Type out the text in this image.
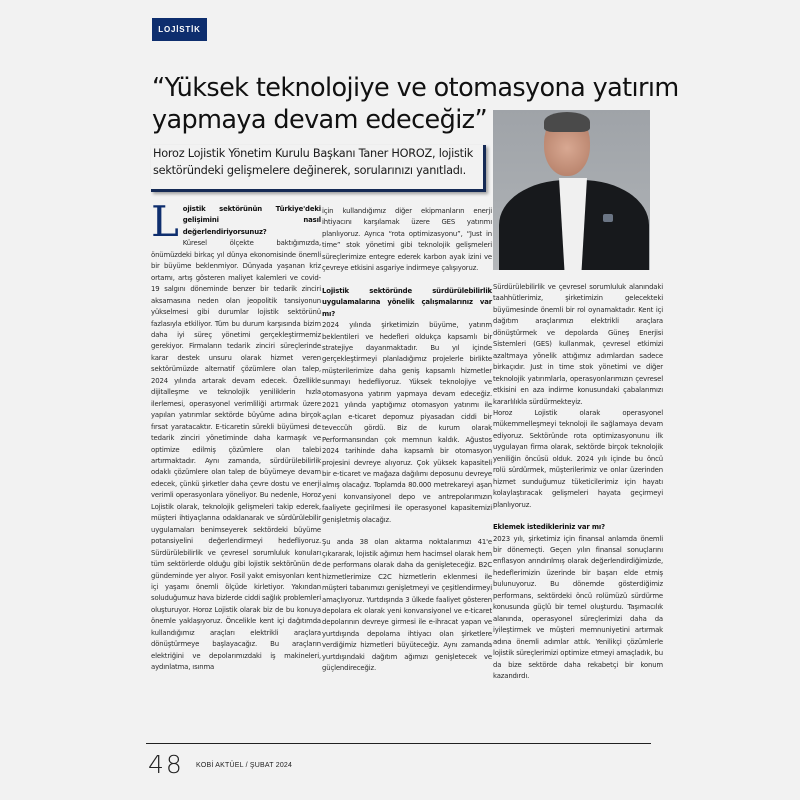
LOJİSTİK
“Yüksek teknolojiye ve otomasyona yatırım yapmaya devam edeceğiz”
Horoz Lojistik Yönetim Kurulu Başkanı Taner HOROZ, lojistik sektöründeki gelişmelere değinerek, sorularınızı yanıtladı.
L ojistik sektörünün Türkiye'deki gelişimini nasıl değerlendiriyorsunuz?

Küresel ölçekte baktığımızda, önümüzdeki birkaç yıl dünya ekonomisinde önemli bir büyüme beklenmiyor. Dünyada yaşanan kriz ortamı, artış gösteren maliyet kalemleri ve covid-19 salgını döneminde benzer bir tedarik zinciri aksamasına neden olan jeopolitik tansiyonun yükselmesi gibi durumlar lojistik sektörünü fazlasıyla etkiliyor. Tüm bu durum karşısında bizim daha iyi süreç yönetimi gerçekleştirmemiz gerekiyor. Firmaların tedarik zinciri süreçlerinde karar destek unsuru olarak hizmet veren sektörümüzde alternatif çözümlere olan talep, 2024 yılında artarak devam edecek. Özellikle dijitalleşme ve teknolojik yeniliklerin hızla ilerlemesi, operasyonel verimliliği artırmak üzere yapılan yatırımlar sektörde büyüme adına birçok fırsat yaratacaktır. E-ticaretin sürekli büyümesi de tedarik zinciri yönetiminde daha karmaşık ve optimize edilmiş çözümlere olan talebi artırmaktadır. Aynı zamanda, sürdürülebilirlik odaklı çözümlere olan talep de büyümeye devam edecek, çünkü şirketler daha çevre dostu ve enerji verimli operasyonlara yöneliyor. Bu nedenle, Horoz Lojistik olarak, teknolojik gelişmeleri takip ederek, müşteri ihtiyaçlarına odaklanarak ve sürdürülebilir uygulamaları benimseyerek sektördeki büyüme potansiyelini değerlendirmeyi hedefliyoruz. Sürdürülebilirlik ve çevresel sorumluluk konuları tüm sektörlerde olduğu gibi lojistik sektörünün de gündeminde yer alıyor. Fosil yakıt emisyonları kent içi yaşamı önemli ölçüde kirletiyor. Yakından soluduğumuz hava bizlerde ciddi sağlık problemleri oluşturuyor. Horoz Lojistik olarak biz de bu konuya önemle yaklaşıyoruz. Öncelikle kent içi dağıtımda kullandığımız araçları elektrikli araçlara dönüştürmeye başlayacağız. Bu araçların elektriğini ve depolarımızdaki iş makineleri, aydınlatma, ısınma

için kullandığımız diğer ekipmanların enerji ihtiyacını karşılamak üzere GES yatırımı planlıyoruz. Ayrıca “rota optimizasyonu”, “Just in time” stok yönetimi gibi teknolojik gelişmeleri süreçlerimize entegre ederek karbon ayak izini ve çevreye etkisini asgariye indirmeye çalışıyoruz.

Lojistik sektöründe sürdürülebilirlik uygulamalarına yönelik çalışmalarınız var mı?

2024 yılında şirketimizin büyüme, yatırım beklentileri ve hedefleri oldukça kapsamlı bir stratejiye dayanmaktadır. Bu yıl içinde gerçekleştirmeyi planladığımız projelerle birlikte müşterilerimize daha geniş kapsamlı hizmetler sunmayı hedefliyoruz. Yüksek teknolojiye ve otomasyona yatırım yapmaya devam edeceğiz. 2021 yılında yaptığımız otomasyon yatırımı ile açılan e-ticaret depomuz piyasadan ciddi bir teveccüh gördü. Biz de kurum olarak Performansından çok memnun kaldık. Ağustos 2024 tarihinde daha kapsamlı bir otomasyon projesini devreye alıyoruz. Çok yüksek kapasiteli bir e-ticaret ve mağaza dağılımı deposunu devreye almış olacağız. Toplamda 80.000 metrekareyi aşan yeni konvansiyonel depo ve antrepolarımızın faaliyete geçirilmesi ile operasyonel kapasitemizi genişletmiş olacağız.

Şu anda 38 olan aktarma noktalarımızı 41'e çıkararak, lojistik ağımızı hem hacimsel olarak hem de performans olarak daha da genişleteceğiz. B2C hizmetlerimize C2C hizmetlerin eklenmesi ile müşteri tabanımızı genişletmeyi ve çeşitlendirmeyi amaçlıyoruz. Yurtdışında 3 ülkede faaliyet gösteren depolara ek olarak yeni konvansiyonel ve e-ticaret depolarının devreye girmesi ile e-ihracat yapan ve yurtdışında depolama ihtiyacı olan şirketlere verdiğimiz hizmetleri büyüteceğiz. Aynı zamanda yurtdışındaki dağıtım ağımızı genişletecek ve güçlendireceğiz.

Sürdürülebilirlik ve çevresel sorumluluk alanındaki taahhütlerimiz, şirketimizin gelecekteki büyümesinde önemli bir rol oynamaktadır. Kent içi dağıtım araçlarımızı elektrikli araçlara dönüştürmek ve depolarda Güneş Enerjisi Sistemleri (GES) kullanmak, çevresel etkimizi azaltmaya yönelik attığımız adımlardan sadece birkaçıdır. Just in time stok yönetimi ve diğer teknolojik yatırımlarla, operasyonlarımızın çevresel etkisini en aza indirme konusundaki çabalarımızı kararlılıkla sürdürmekteyiz.

Horoz Lojistik olarak operasyonel mükemmelleşmeyi teknoloji ile sağlamaya devam ediyoruz. Sektöründe rota optimizasyonunu ilk uygulayan firma olarak, sektörde birçok teknolojik yeniliğin öncüsü olduk. 2024 yılı içinde bu öncü rolü sürdürmek, müşterilerimiz ve onlar üzerinden hizmet sunduğumuz tüketicilerimiz için hayatı kolaylaştıracak gelişmeleri hayata geçirmeyi planlıyoruz.

Eklemek istedikleriniz var mı?

2023 yılı, şirketimiz için finansal anlamda önemli bir dönemeçti. Geçen yılın finansal sonuçlarını enflasyon arındırılmış olarak değerlendirdiğimizde, hedeflerimizin üzerinde bir başarı elde etmiş bulunuyoruz. Bu dönemde gösterdiğimiz performans, sektördeki öncü rolümüzü sürdürme konusunda güçlü bir temel oluşturdu. Taşımacılık alanında, operasyonel süreçlerimizi daha da iyileştirmek ve müşteri memnuniyetini artırmak adına önemli adımlar attık. Yenilikçi çözümlerle lojistik süreçlerimizi optimize etmeyi amaçladık, bu da bize sektörde daha rekabetçi bir konum kazandırdı.

48 KOBİ AKTÜEL / ŞUBAT 2024
